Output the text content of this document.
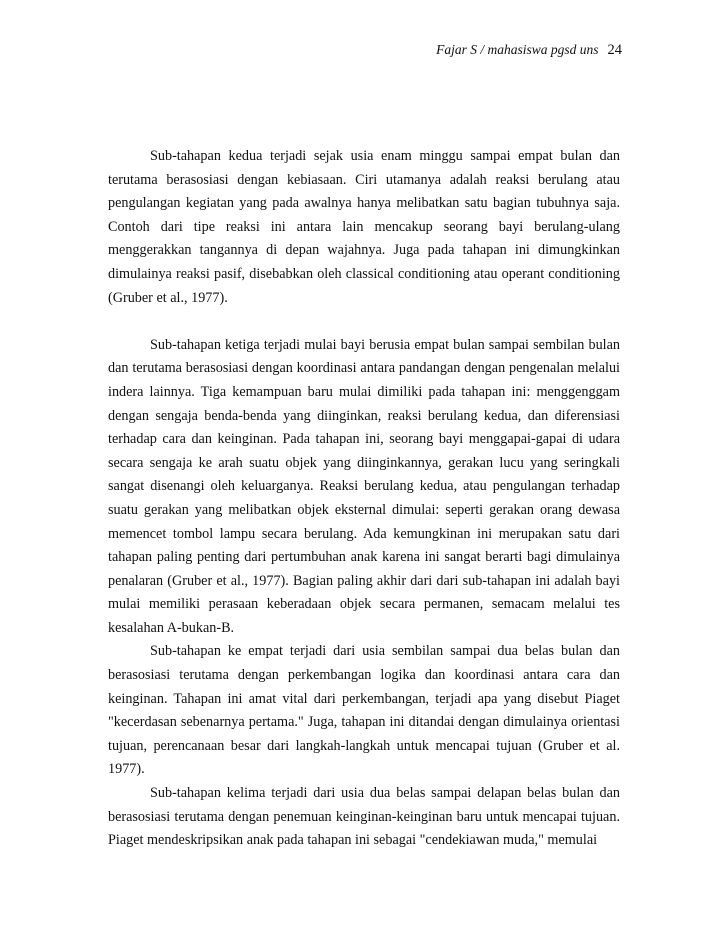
Fajar S / mahasiswa pgsd uns 24

Sub-tahapan kedua terjadi sejak usia enam minggu sampai empat bulan dan terutama berasosiasi dengan kebiasaan. Ciri utamanya adalah reaksi berulang atau pengulangan kegiatan yang pada awalnya hanya melibatkan satu bagian tubuhnya saja. Contoh dari tipe reaksi ini antara lain mencakup seorang bayi berulang-ulang menggerakkan tangannya di depan wajahnya. Juga pada tahapan ini dimungkinkan dimulainya reaksi pasif, disebabkan oleh classical conditioning atau operant conditioning (Gruber et al., 1977).

Sub-tahapan ketiga terjadi mulai bayi berusia empat bulan sampai sembilan bulan dan terutama berasosiasi dengan koordinasi antara pandangan dengan pengenalan melalui indera lainnya. Tiga kemampuan baru mulai dimiliki pada tahapan ini: menggenggam dengan sengaja benda-benda yang diinginkan, reaksi berulang kedua, dan diferensiasi terhadap cara dan keinginan. Pada tahapan ini, seorang bayi menggapai-gapai di udara secara sengaja ke arah suatu objek yang diinginkannya, gerakan lucu yang seringkali sangat disenangi oleh keluarganya. Reaksi berulang kedua, atau pengulangan terhadap suatu gerakan yang melibatkan objek eksternal dimulai: seperti gerakan orang dewasa memencet tombol lampu secara berulang. Ada kemungkinan ini merupakan satu dari tahapan paling penting dari pertumbuhan anak karena ini sangat berarti bagi dimulainya penalaran (Gruber et al., 1977). Bagian paling akhir dari dari sub-tahapan ini adalah bayi mulai memiliki perasaan keberadaan objek secara permanen, semacam melalui tes kesalahan A-bukan-B.

Sub-tahapan ke empat terjadi dari usia sembilan sampai dua belas bulan dan berasosiasi terutama dengan perkembangan logika dan koordinasi antara cara dan keinginan. Tahapan ini amat vital dari perkembangan, terjadi apa yang disebut Piaget "kecerdasan sebenarnya pertama." Juga, tahapan ini ditandai dengan dimulainya orientasi tujuan, perencanaan besar dari langkah-langkah untuk mencapai tujuan (Gruber et al. 1977).

Sub-tahapan kelima terjadi dari usia dua belas sampai delapan belas bulan dan berasosiasi terutama dengan penemuan keinginan-keinginan baru untuk mencapai tujuan. Piaget mendeskripsikan anak pada tahapan ini sebagai "cendekiawan muda," memulai
